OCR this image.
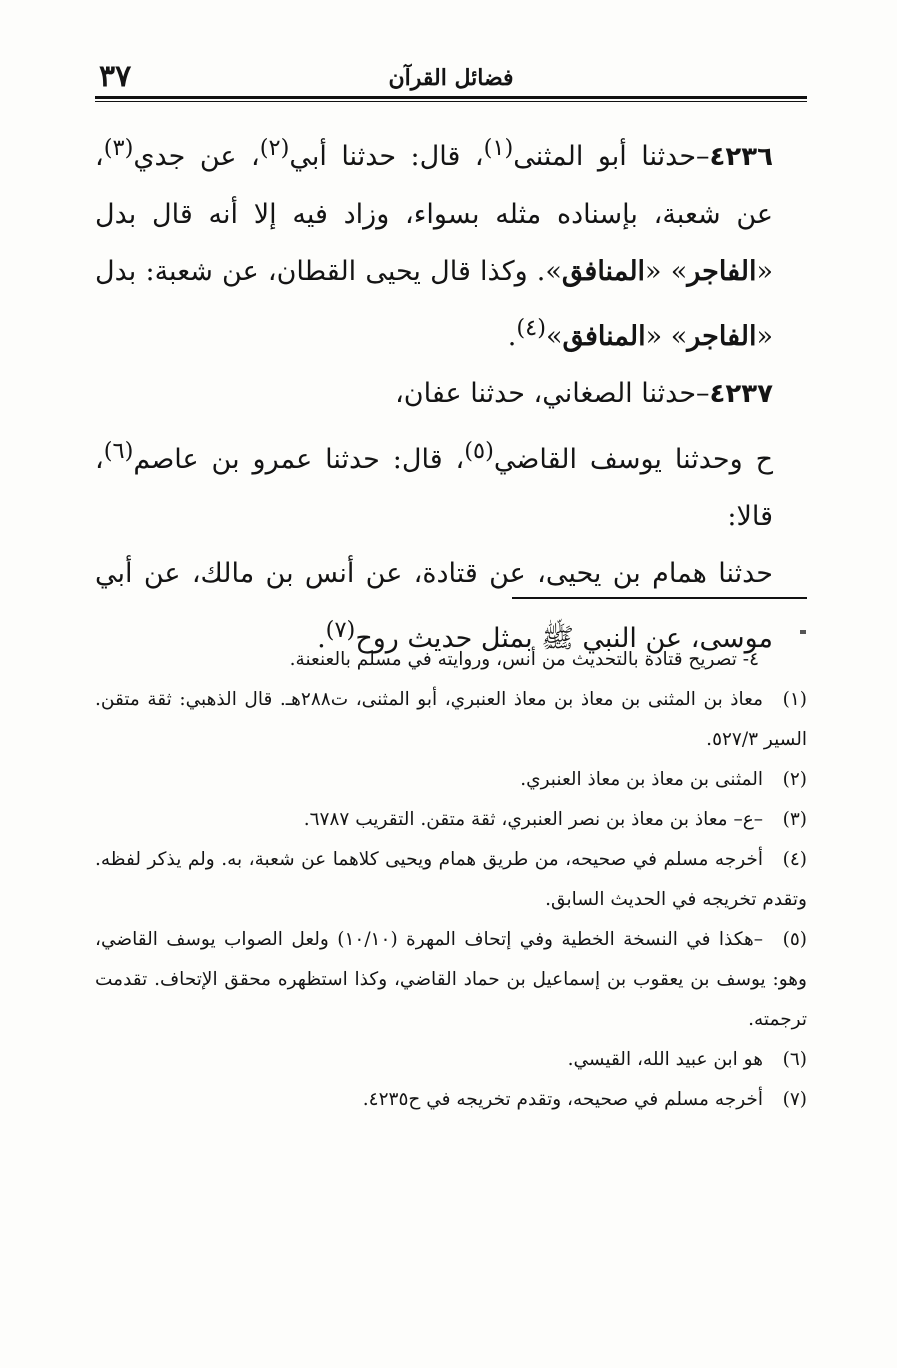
٣٧	فضائل القرآن

٤٢٣٦–حدثنا أبو المثنى$^{(١)}$، قال: حدثنا أبي$^{(٢)}$، عن جدي$^{(٣)}$، عن شعبة، بإسناده مثله بسواء، وزاد فيه إلا أنه قال بدل «الفاجر» «المنافق». وكذا قال يحيى القطان، عن شعبة: بدل «الفاجر» «المنافق»$^{(٤)}$.

٤٢٣٧–حدثنا الصغاني، حدثنا عفان،

ح وحدثنا يوسف القاضي$^{(٥)}$، قال: حدثنا عمرو بن عاصم$^{(٦)}$، قالا:

حدثنا همام بن يحيى، عن قتادة، عن أنس بن مالك، عن أبي موسى، عن النبي ﷺ بمثل حديث روح$^{(٧)}$.

٤- تصريح قتادة بالتحديث من أنس، وروايته في مسلم بالعنعنة.

(١)معاذ بن المثنى بن معاذ بن معاذ العنبري، أبو المثنى، ت٢٨٨هـ. قال الذهبي: ثقة متقن. السير ٥٢٧/٣.

(٢)المثنى بن معاذ بن معاذ العنبري.

(٣)–ع– معاذ بن معاذ بن نصر العنبري، ثقة متقن. التقريب ٦٧٨٧.

(٤)أخرجه مسلم في صحيحه، من طريق همام ويحيى كلاهما عن شعبة، به. ولم يذكر لفظه. وتقدم تخريجه في الحديث السابق.

(٥)–هكذا في النسخة الخطية وفي إتحاف المهرة (١٠/١٠) ولعل الصواب يوسف القاضي، وهو: يوسف بن يعقوب بن إسماعيل بن حماد القاضي، وكذا استظهره محقق الإتحاف. تقدمت ترجمته.

(٦)هو ابن عبيد الله، القيسي.

(٧)أخرجه مسلم في صحيحه، وتقدم تخريجه في ح٤٢٣٥.
